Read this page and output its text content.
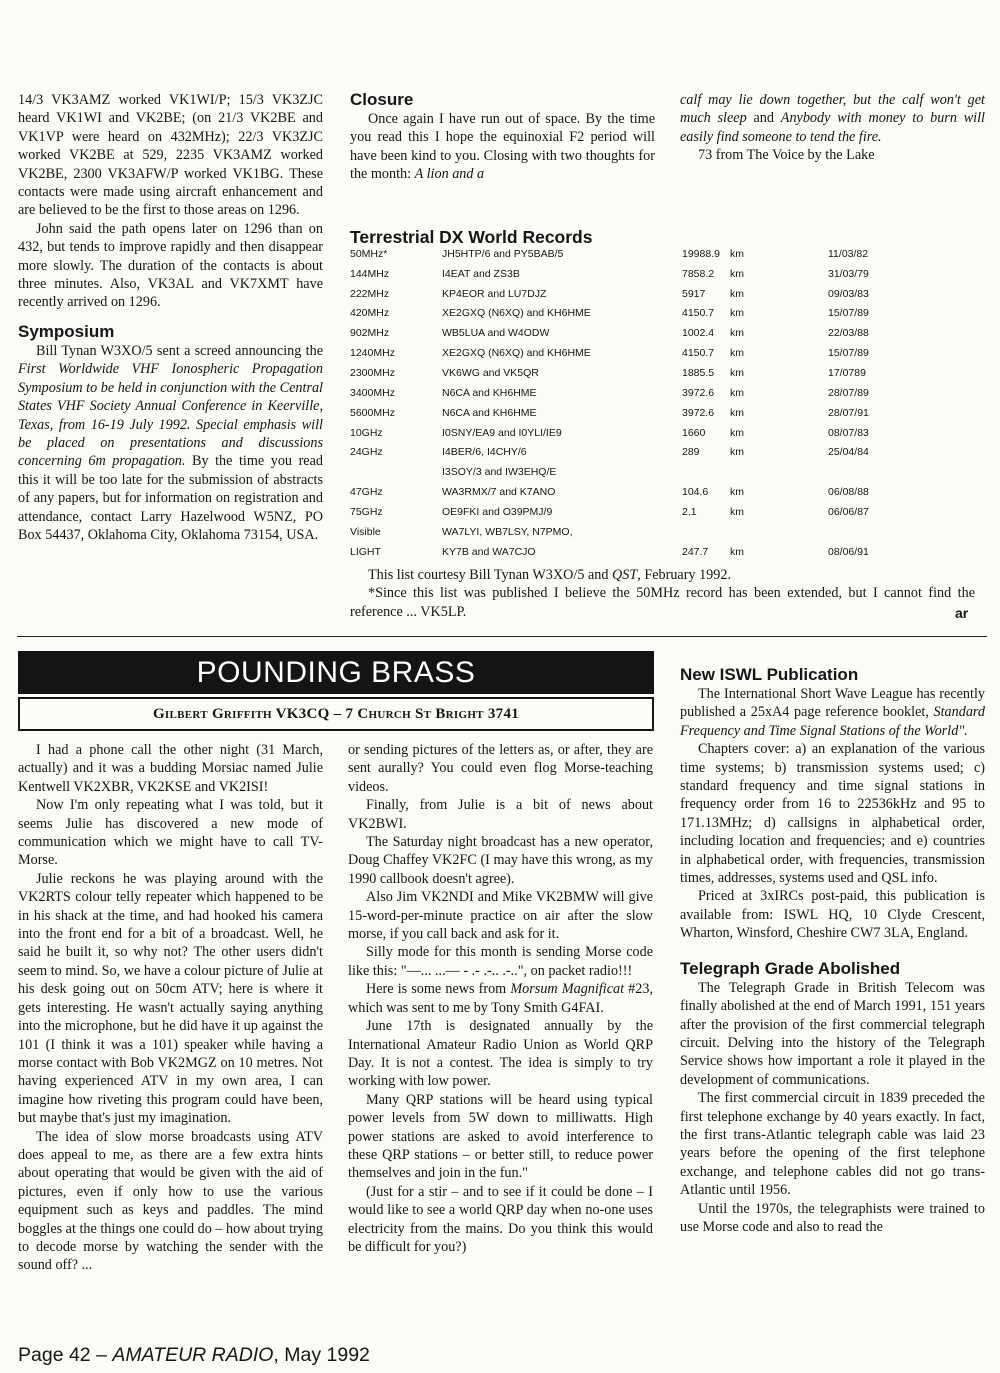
14/3 VK3AMZ worked VK1WI/P; 15/3 VK3ZJC heard VK1WI and VK2BE; (on 21/3 VK2BE and VK1VP were heard on 432MHz); 22/3 VK3ZJC worked VK2BE at 529, 2235 VK3AMZ worked VK2BE, 2300 VK3AFW/P worked VK1BG. These contacts were made using aircraft enhancement and are believed to be the first to those areas on 1296.

John said the path opens later on 1296 than on 432, but tends to improve rapidly and then disappear more slowly. The duration of the contacts is about three minutes. Also, VK3AL and VK7XMT have recently arrived on 1296.

Symposium

Bill Tynan W3XO/5 sent a screed announcing the First Worldwide VHF Ionospheric Propagation Symposium to be held in conjunction with the Central States VHF Society Annual Conference in Keerville, Texas, from 16-19 July 1992. Special emphasis will be placed on presentations and discussions concerning 6m propagation. By the time you read this it will be too late for the submission of abstracts of any papers, but for information on registration and attendance, contact Larry Hazelwood W5NZ, PO Box 54437, Oklahoma City, Oklahoma 73154, USA.

Closure

Once again I have run out of space. By the time you read this I hope the equinoxial F2 period will have been kind to you. Closing with two thoughts for the month: A lion and a

calf may lie down together, but the calf won't get much sleep and Anybody with money to burn will easily find someone to tend the fire.

73 from The Voice by the Lake

Terrestrial DX World Records
50MHz*	JH5HTP/6 and PY5BAB/5	19988.9	km	11/03/82
144MHz	I4EAT and ZS3B	7858.2	km	31/03/79
222MHz	KP4EOR and LU7DJZ	5917	km	09/03/83
420MHz	XE2GXQ (N6XQ) and KH6HME	4150.7	km	15/07/89
902MHz	WB5LUA and W4ODW	1002.4	km	22/03/88
1240MHz	XE2GXQ (N6XQ) and KH6HME	4150.7	km	15/07/89
2300MHz	VK6WG and VK5QR	1885.5	km	17/0789
3400MHz	N6CA and KH6HME	3972.6	km	28/07/89
5600MHz	N6CA and KH6HME	3972.6	km	28/07/91
10GHz	I0SNY/EA9 and I0YLI/IE9	1660	km	08/07/83
24GHz	I4BER/6, I4CHY/6	289	km	25/04/84
	I3SOY/3 and IW3EHQ/E			
47GHz	WA3RMX/7 and K7ANO	104.6	km	06/08/88
75GHz	OE9FKI and O39PMJ/9	2.1	km	06/06/87
Visible	WA7LYI, WB7LSY, N7PMO,			
LIGHT	KY7B and WA7CJO	247.7	km	08/06/91

This list courtesy Bill Tynan W3XO/5 and QST, February 1992.

*Since this list was published I believe the 50MHz record has been extended, but I cannot find the reference ... VK5LP.	ar
POUNDING BRASS
Gilbert Griffith VK3CQ – 7 Church St Bright 3741

I had a phone call the other night (31 March, actually) and it was a budding Morsiac named Julie Kentwell VK2XBR, VK2KSE and VK2ISI!

Now I'm only repeating what I was told, but it seems Julie has discovered a new mode of communication which we might have to call TV-Morse.

Julie reckons he was playing around with the VK2RTS colour telly repeater which happened to be in his shack at the time, and had hooked his camera into the front end for a bit of a broadcast. Well, he said he built it, so why not? The other users didn't seem to mind. So, we have a colour picture of Julie at his desk going out on 50cm ATV; here is where it gets interesting. He wasn't actually saying anything into the microphone, but he did have it up against the 101 (I think it was a 101) speaker while having a morse contact with Bob VK2MGZ on 10 metres. Not having experienced ATV in my own area, I can imagine how riveting this program could have been, but maybe that's just my imagination.

The idea of slow morse broadcasts using ATV does appeal to me, as there are a few extra hints about operating that would be given with the aid of pictures, even if only how to use the various equipment such as keys and paddles. The mind boggles at the things one could do – how about trying to decode morse by watching the sender with the sound off? ...

or sending pictures of the letters as, or after, they are sent aurally? You could even flog Morse-teaching videos.

Finally, from Julie is a bit of news about VK2BWI.

The Saturday night broadcast has a new operator, Doug Chaffey VK2FC (I may have this wrong, as my 1990 callbook doesn't agree).

Also Jim VK2NDI and Mike VK2BMW will give 15-word-per-minute practice on air after the slow morse, if you call back and ask for it.

Silly mode for this month is sending Morse code like this: "—... ...— - .- .-.. .-..", on packet radio!!!

Here is some news from Morsum Magnificat #23, which was sent to me by Tony Smith G4FAI.

June 17th is designated annually by the International Amateur Radio Union as World QRP Day. It is not a contest. The idea is simply to try working with low power.

Many QRP stations will be heard using typical power levels from 5W down to milliwatts. High power stations are asked to avoid interference to these QRP stations – or better still, to reduce power themselves and join in the fun."

(Just for a stir – and to see if it could be done – I would like to see a world QRP day when no-one uses electricity from the mains. Do you think this would be difficult for you?)

New ISWL Publication

The International Short Wave League has recently published a 25xA4 page reference booklet, Standard Frequency and Time Signal Stations of the World".

Chapters cover: a) an explanation of the various time systems; b) transmission systems used; c) standard frequency and time signal stations in frequency order from 16 to 22536kHz and 95 to 171.13MHz; d) callsigns in alphabetical order, including location and frequencies; and e) countries in alphabetical order, with frequencies, transmission times, addresses, systems used and QSL info.

Priced at 3xIRCs post-paid, this publication is available from: ISWL HQ, 10 Clyde Crescent, Wharton, Winsford, Cheshire CW7 3LA, England.

Telegraph Grade Abolished

The Telegraph Grade in British Telecom was finally abolished at the end of March 1991, 151 years after the provision of the first commercial telegraph circuit. Delving into the history of the Telegraph Service shows how important a role it played in the development of communications.

The first commercial circuit in 1839 preceded the first telephone exchange by 40 years exactly. In fact, the first trans-Atlantic telegraph cable was laid 23 years before the opening of the first telephone exchange, and telephone cables did not go trans-Atlantic until 1956.

Until the 1970s, the telegraphists were trained to use Morse code and also to read the

Page 42 – AMATEUR RADIO, May 1992
